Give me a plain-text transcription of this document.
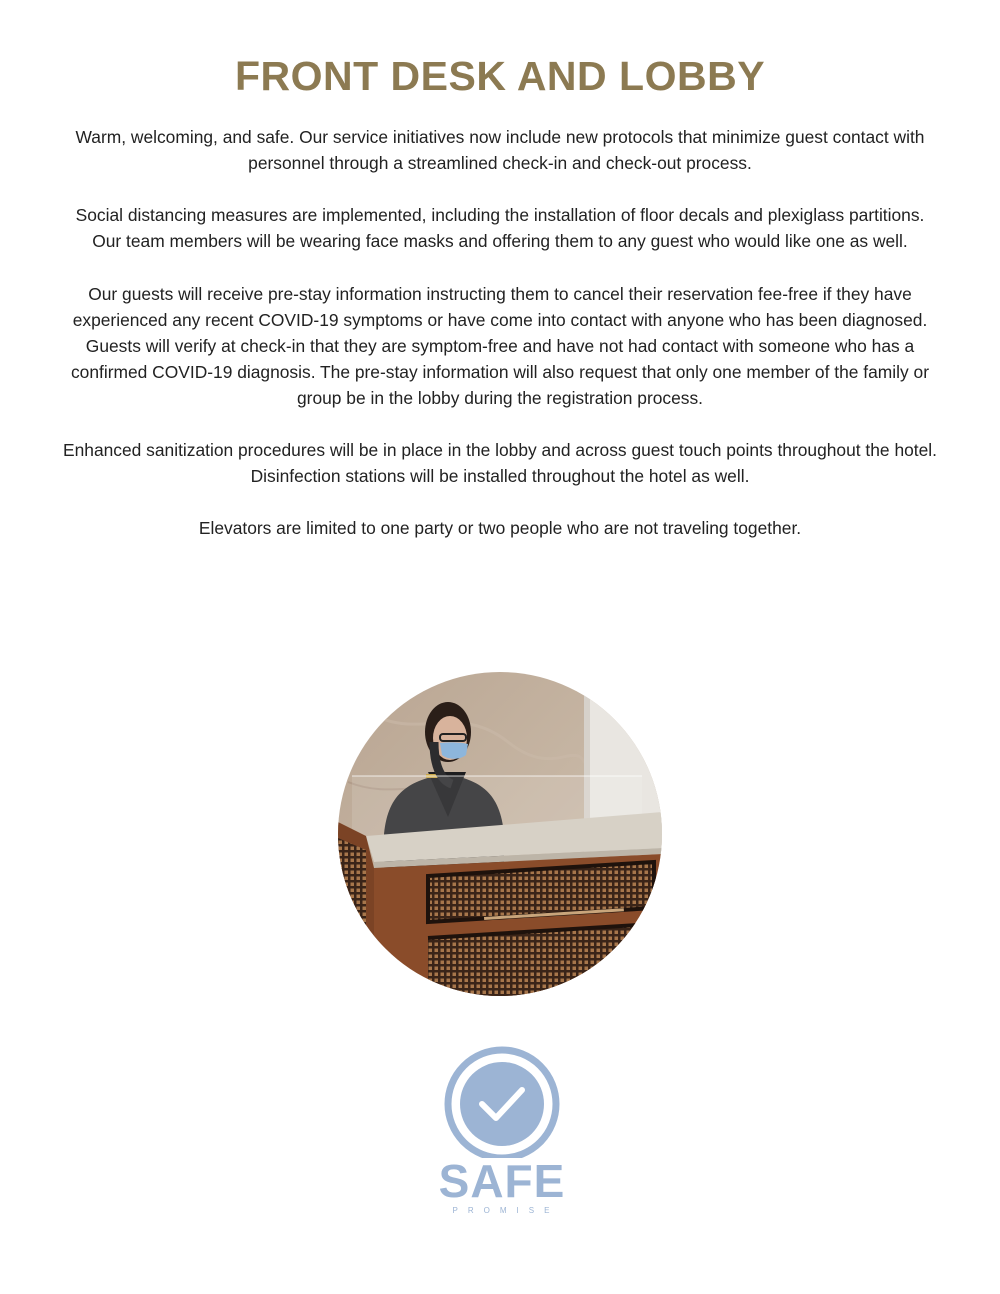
FRONT DESK AND LOBBY

Warm, welcoming, and safe. Our service initiatives now include new protocols that minimize guest contact with personnel through a streamlined check-in and check-out process.

Social distancing measures are implemented, including the installation of floor decals and plexiglass partitions. Our team members will be wearing face masks and offering them to any guest who would like one as well.

Our guests will receive pre-stay information instructing them to cancel their reservation fee-free if they have experienced any recent COVID-19 symptoms or have come into contact with anyone who has been diagnosed. Guests will verify at check-in that they are symptom-free and have not had contact with someone who has a confirmed COVID-19 diagnosis. The pre-stay information will also request that only one member of the family or group be in the lobby during the registration process.

Enhanced sanitization procedures will be in place in the lobby and across guest touch points throughout the hotel. Disinfection stations will be installed throughout the hotel as well.

Elevators are limited to one party or two people who are not traveling together.

SAFE
PROMISE
